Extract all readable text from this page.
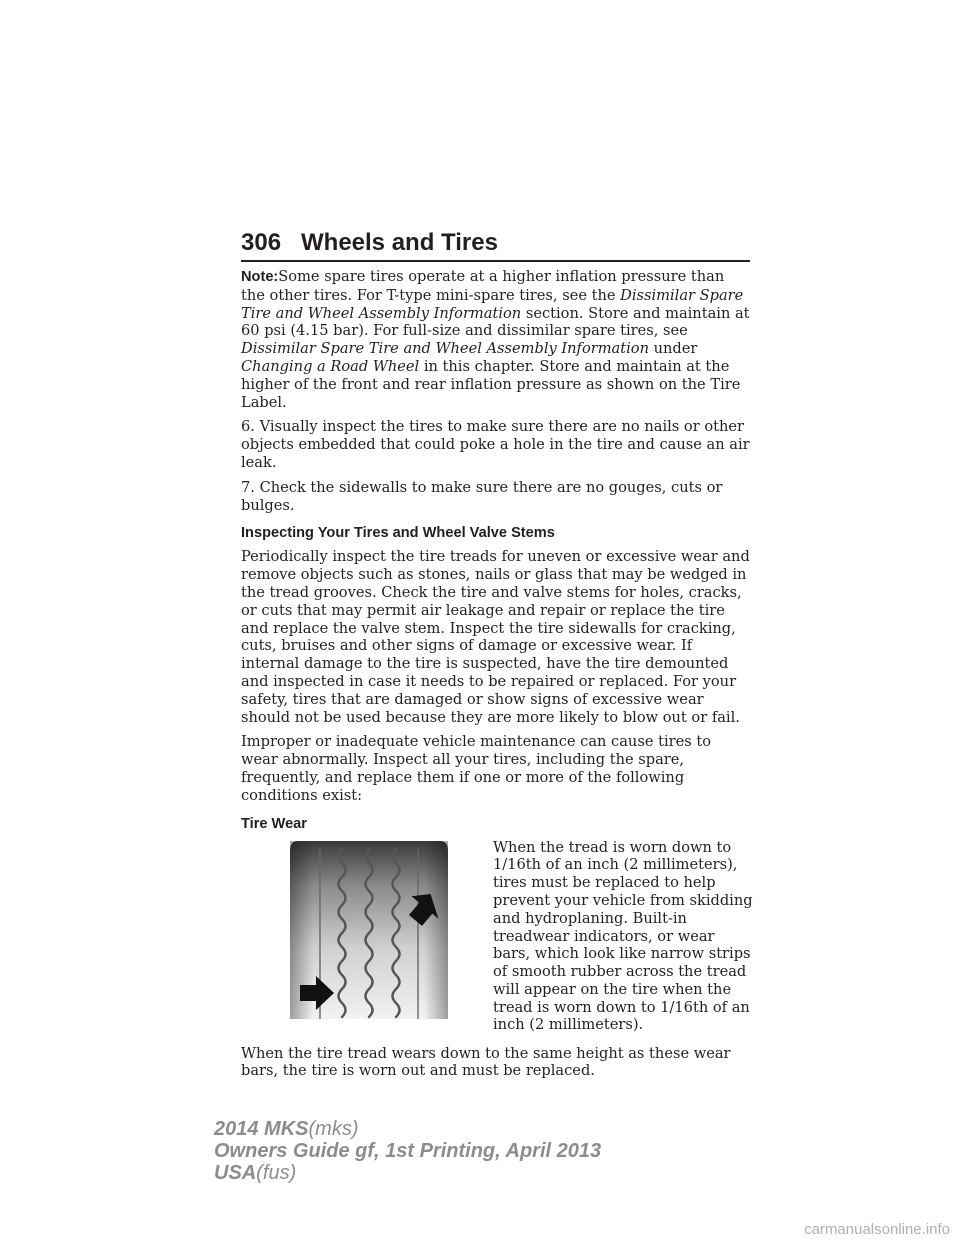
306 Wheels and Tires

Note:Some spare tires operate at a higher inflation pressure than the other tires. For T-type mini-spare tires, see the Dissimilar Spare Tire and Wheel Assembly Information section. Store and maintain at 60 psi (4.15 bar). For full-size and dissimilar spare tires, see Dissimilar Spare Tire and Wheel Assembly Information under Changing a Road Wheel in this chapter. Store and maintain at the higher of the front and rear inflation pressure as shown on the Tire Label.

6. Visually inspect the tires to make sure there are no nails or other objects embedded that could poke a hole in the tire and cause an air leak.

7. Check the sidewalls to make sure there are no gouges, cuts or bulges.

Inspecting Your Tires and Wheel Valve Stems

Periodically inspect the tire treads for uneven or excessive wear and remove objects such as stones, nails or glass that may be wedged in the tread grooves. Check the tire and valve stems for holes, cracks, or cuts that may permit air leakage and repair or replace the tire and replace the valve stem. Inspect the tire sidewalls for cracking, cuts, bruises and other signs of damage or excessive wear. If internal damage to the tire is suspected, have the tire demounted and inspected in case it needs to be repaired or replaced. For your safety, tires that are damaged or show signs of excessive wear should not be used because they are more likely to blow out or fail.

Improper or inadequate vehicle maintenance can cause tires to wear abnormally. Inspect all your tires, including the spare, frequently, and replace them if one or more of the following conditions exist:

Tire Wear

When the tread is worn down to 1/16th of an inch (2 millimeters), tires must be replaced to help prevent your vehicle from skidding and hydroplaning. Built-in treadwear indicators, or wear bars, which look like narrow strips of smooth rubber across the tread will appear on the tire when the tread is worn down to 1/16th of an inch (2 millimeters).

When the tire tread wears down to the same height as these wear bars, the tire is worn out and must be replaced.

2014 MKS(mks)
Owners Guide gf, 1st Printing, April 2013
USA(fus)
carmanualsonline.info
